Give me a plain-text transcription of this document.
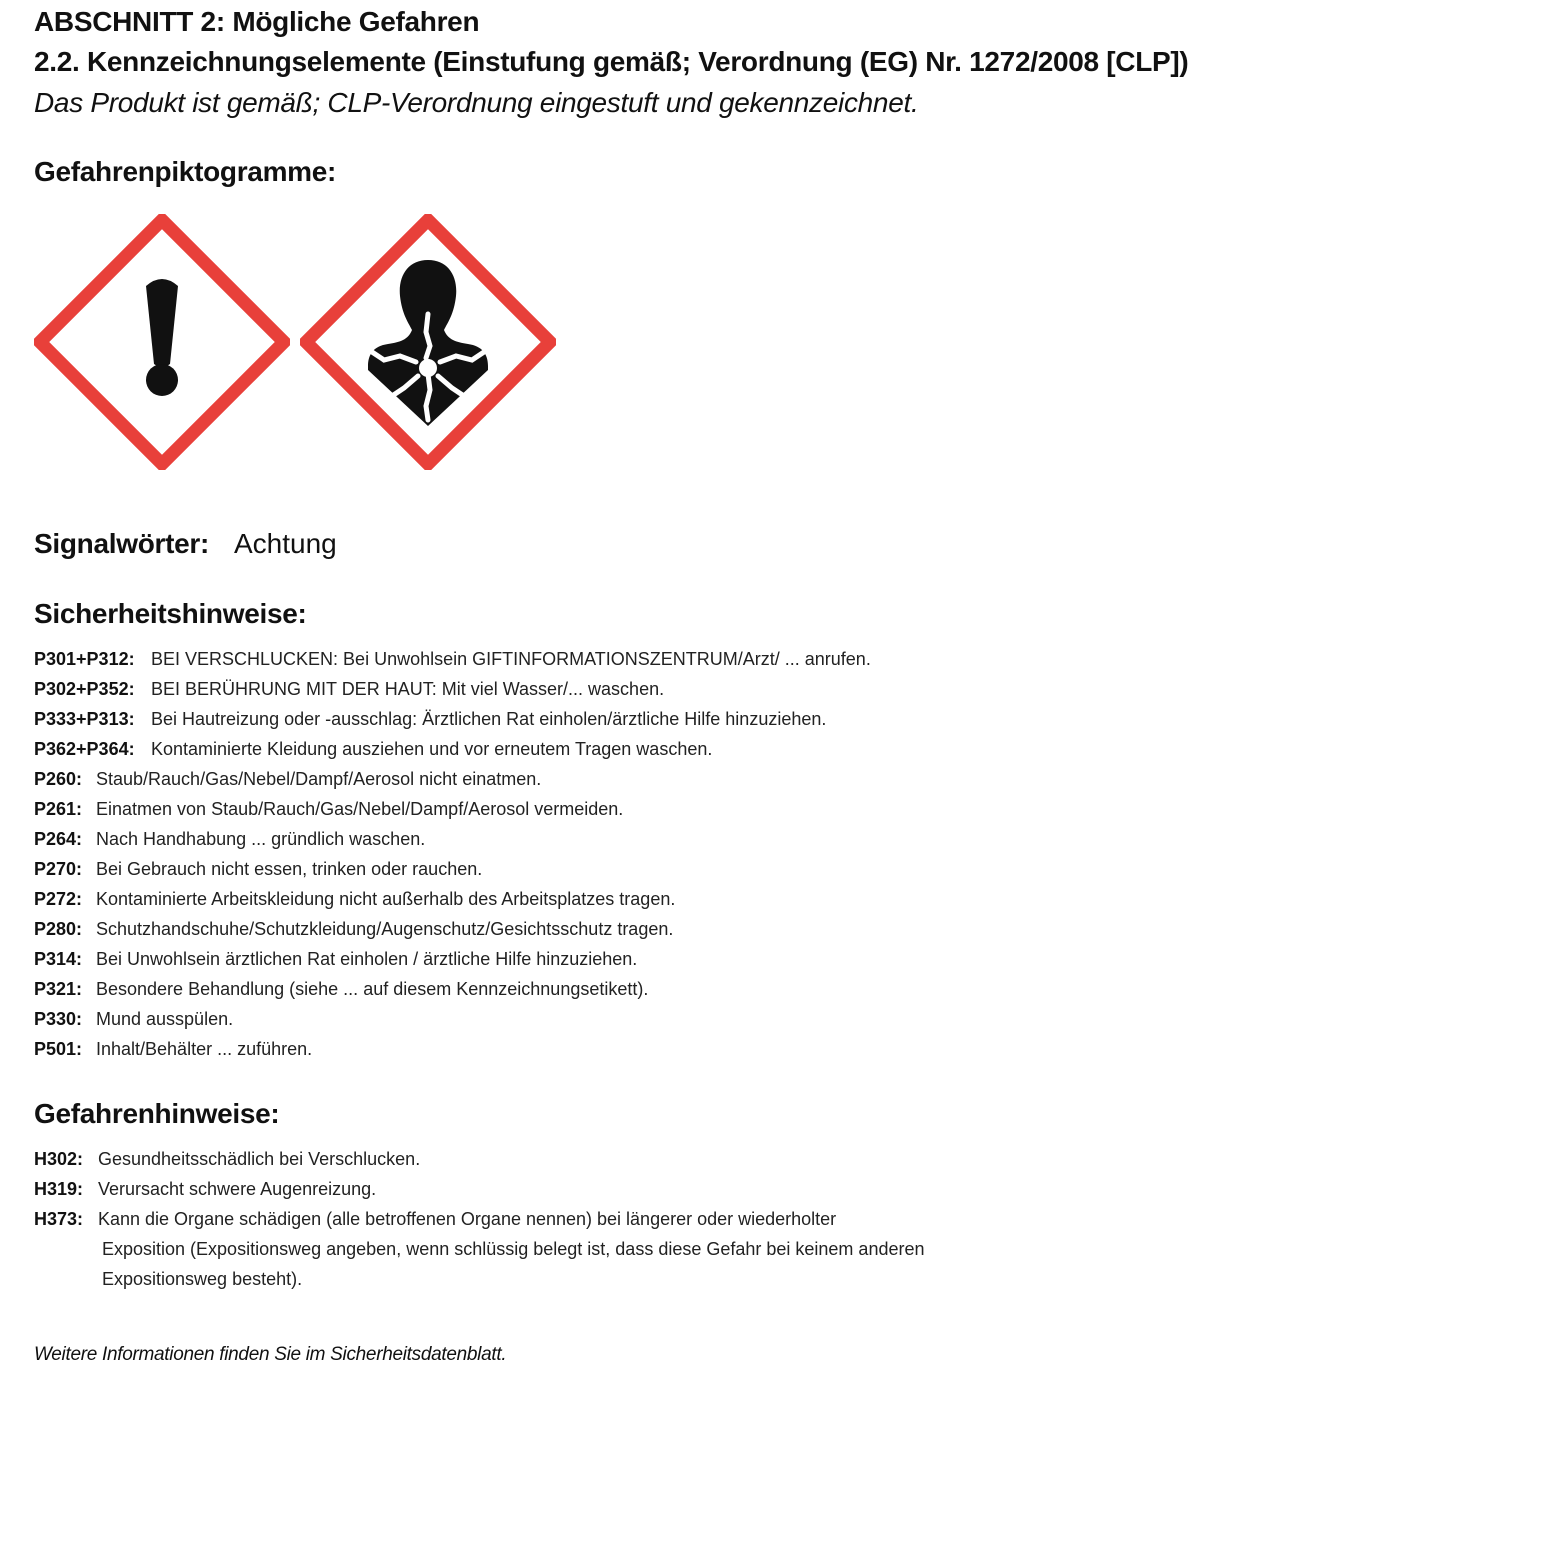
ABSCHNITT 2: Mögliche Gefahren
2.2. Kennzeichnungselemente (Einstufung gemäß; Verordnung (EG) Nr. 1272/2008 [CLP])
Das Produkt ist gemäß; CLP-Verordnung eingestuft und gekennzeichnet.
Gefahrenpiktogramme:
Signalwörter: Achtung
Sicherheitshinweise:
P301+P312: BEI VERSCHLUCKEN: Bei Unwohlsein GIFTINFORMATIONSZENTRUM/Arzt/ ... anrufen.
P302+P352: BEI BERÜHRUNG MIT DER HAUT: Mit viel Wasser/... waschen.
P333+P313: Bei Hautreizung oder -ausschlag: Ärztlichen Rat einholen/ärztliche Hilfe hinzuziehen.
P362+P364: Kontaminierte Kleidung ausziehen und vor erneutem Tragen waschen.
P260: Staub/Rauch/Gas/Nebel/Dampf/Aerosol nicht einatmen.
P261: Einatmen von Staub/Rauch/Gas/Nebel/Dampf/Aerosol vermeiden.
P264: Nach Handhabung ... gründlich waschen.
P270: Bei Gebrauch nicht essen, trinken oder rauchen.
P272: Kontaminierte Arbeitskleidung nicht außerhalb des Arbeitsplatzes tragen.
P280: Schutzhandschuhe/Schutzkleidung/Augenschutz/Gesichtsschutz tragen.
P314: Bei Unwohlsein ärztlichen Rat einholen / ärztliche Hilfe hinzuziehen.
P321: Besondere Behandlung (siehe ... auf diesem Kennzeichnungsetikett).
P330: Mund ausspülen.
P501: Inhalt/Behälter ... zuführen.
Gefahrenhinweise:
H302: Gesundheitsschädlich bei Verschlucken.
H319: Verursacht schwere Augenreizung.
H373: Kann die Organe schädigen (alle betroffenen Organe nennen) bei längerer oder wiederholter
Exposition (Expositionsweg angeben, wenn schlüssig belegt ist, dass diese Gefahr bei keinem anderen
Expositionsweg besteht).
Weitere Informationen finden Sie im Sicherheitsdatenblatt.
